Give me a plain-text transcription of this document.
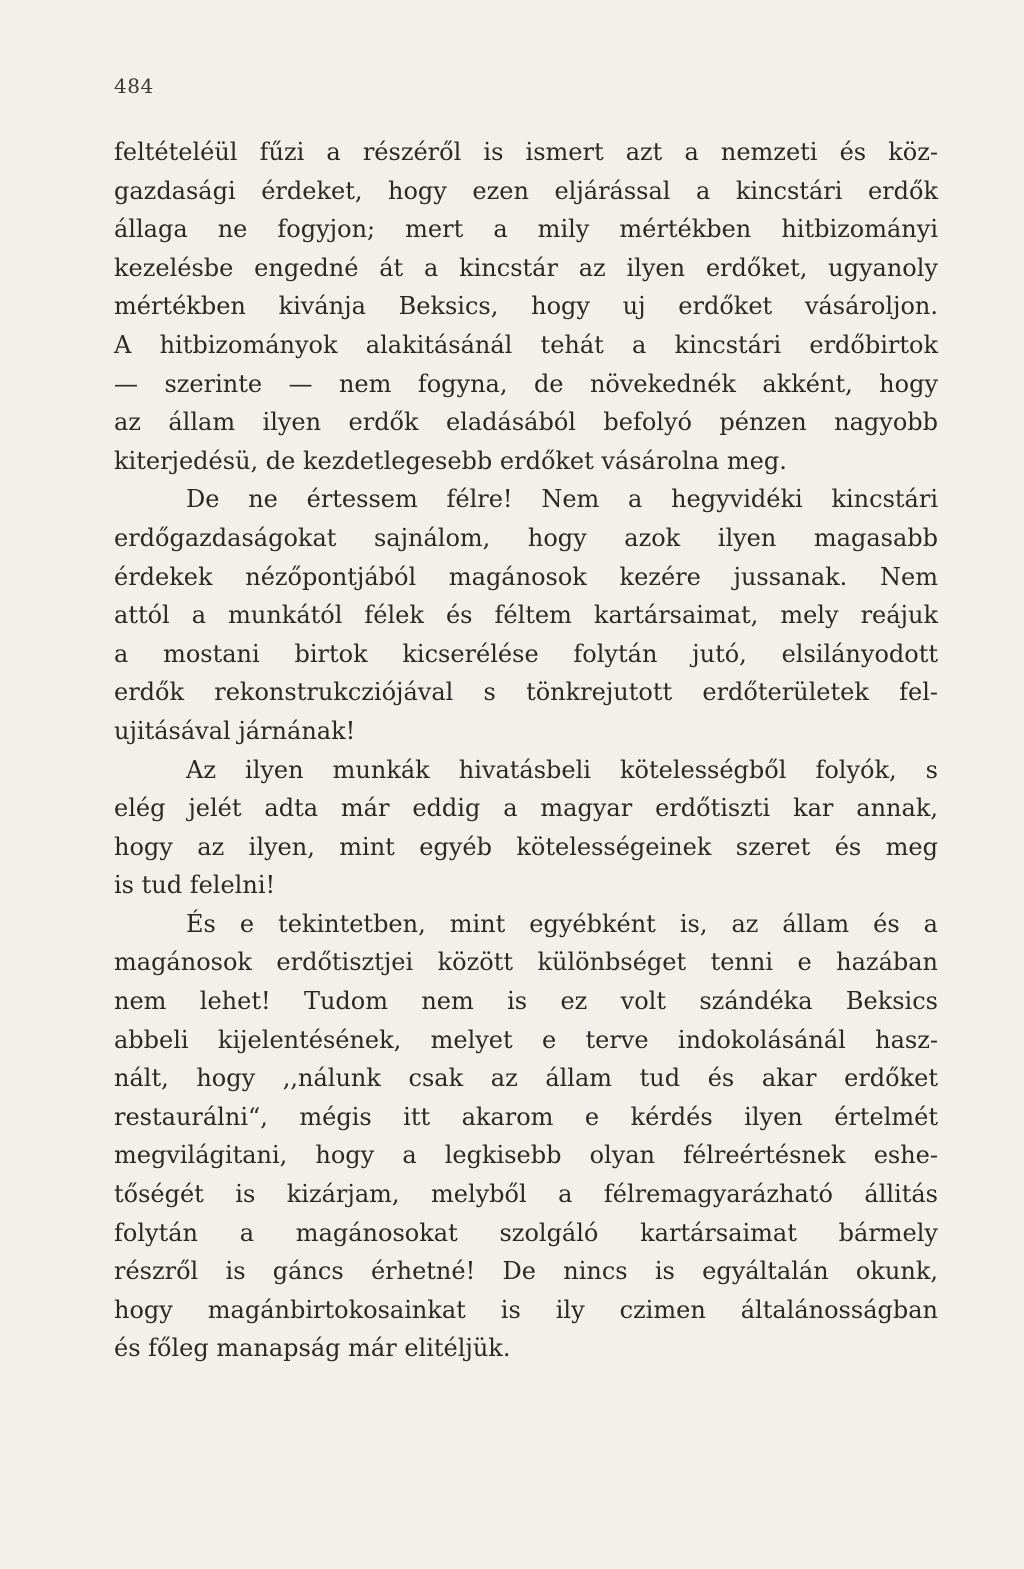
484
feltételéül fűzi a részéről is ismert azt a nemzeti és köz-
gazdasági érdeket, hogy ezen eljárással a kincstári erdők
állaga ne fogyjon; mert a mily mértékben hitbizományi
kezelésbe engedné át a kincstár az ilyen erdőket, ugyanoly
mértékben kivánja Beksics, hogy uj erdőket vásároljon.
A hitbizományok alakitásánál tehát a kincstári erdőbirtok
— szerinte — nem fogyna, de növekednék akként, hogy
az állam ilyen erdők eladásából befolyó pénzen nagyobb
kiterjedésü, de kezdetlegesebb erdőket vásárolna meg.
De ne értessem félre! Nem a hegyvidéki kincstári
erdőgazdaságokat sajnálom, hogy azok ilyen magasabb
érdekek nézőpontjából magánosok kezére jussanak. Nem
attól a munkától félek és féltem kartársaimat, mely reájuk
a mostani birtok kicserélése folytán jutó, elsilányodott
erdők rekonstrukcziójával s tönkrejutott erdőterületek fel-
ujitásával járnának!
Az ilyen munkák hivatásbeli kötelességből folyók, s
elég jelét adta már eddig a magyar erdőtiszti kar annak,
hogy az ilyen, mint egyéb kötelességeinek szeret és meg
is tud felelni!
És e tekintetben, mint egyébként is, az állam és a
magánosok erdőtisztjei között különbséget tenni e hazában
nem lehet! Tudom nem is ez volt szándéka Beksics
abbeli kijelentésének, melyet e terve indokolásánál hasz-
nált, hogy ,,nálunk csak az állam tud és akar erdőket
restaurálni“, mégis itt akarom e kérdés ilyen értelmét
megvilágitani, hogy a legkisebb olyan félreértésnek eshe-
tőségét is kizárjam, melyből a félremagyarázható állitás
folytán a magánosokat szolgáló kartársaimat bármely
részről is gáncs érhetné! De nincs is egyáltalán okunk,
hogy magánbirtokosainkat is ily czimen általánosságban
és főleg manapság már elitéljük.
